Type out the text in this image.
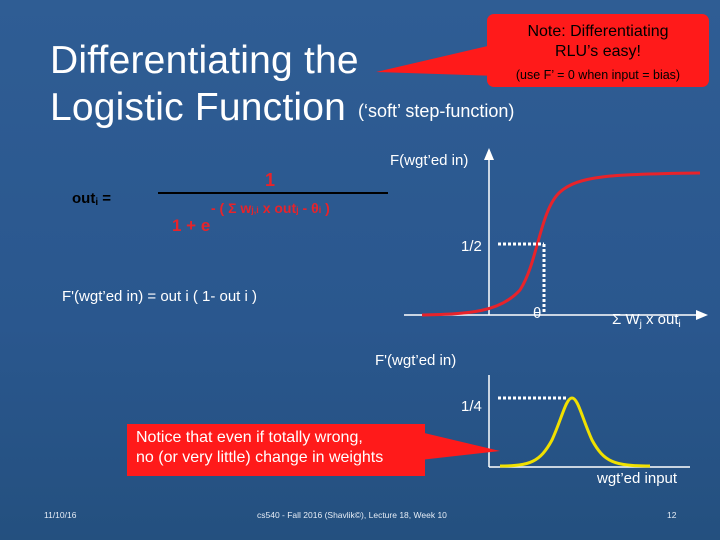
Differentiating the
Logistic Function (‘soft’ step-function)
Note: Differentiating
RLU’s easy!
(use F’ = 0 when input = bias)
outi =
1
1 + e
- ( Σ wj,i x outj - θi )
F'(wgt’ed in) = out i ( 1- out i )
F(wgt’ed in)
1/2
θ	Σ $W_j$ x out$_i$
F'(wgt’ed in)
1/4
wgt’ed input
Notice that even if totally wrong,
no (or very little) change in weights
11/10/16	cs540 - Fall 2016 (Shavlik©), Lecture 18, Week 10	12
